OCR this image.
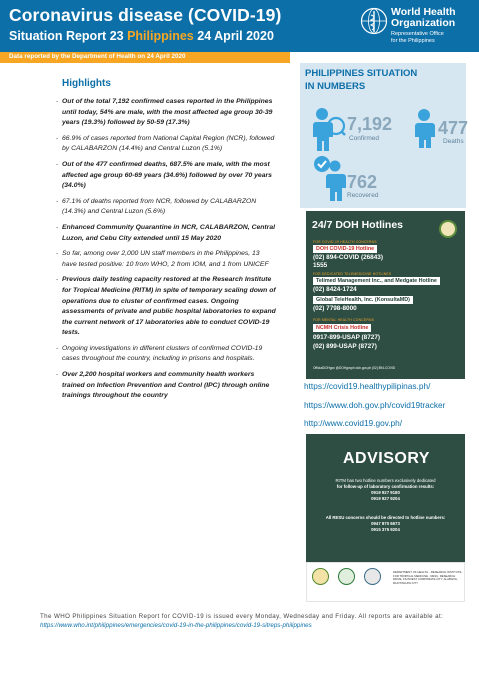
Coronavirus disease (COVID-19)
Situation Report 23 Philippines 24 April 2020
World Health
Organization
Representative Office
for the Philippines
Data reported by the Department of Health on 24 April 2020
Highlights
- Out of the total 7,192 confirmed cases reported in the Philippines until today, 54% are male, with the most affected age group 30-39 years (19.3%) followed by 50-59 (17.3%)
- 66.9% of cases reported from National Capital Region (NCR), followed by CALABARZON (14.4%) and Central Luzon (5.1%)
- Out of the 477 confirmed deaths, 687.5% are male, with the most affected age group 60-69 years (34.6%) followed by over 70 years (34.0%)
- 67.1% of deaths reported from NCR, followed by CALABARZON (14.3%) and Central Luzon (5.6%)
- Enhanced Community Quarantine in NCR, CALABARZON, Central Luzon, and Cebu City extended until 15 May 2020
- So far, among over 2,000 UN staff members in the Philippines, 13 have tested positive: 10 from WHO, 2 from IOM, and 1 from UNICEF
- Previous daily testing capacity restored at the Research Institute for Tropical Medicine (RITM) in spite of temporary scaling down of operations due to cluster of confirmed cases. Ongoing assessments of private and public hospital laboratories to expand the current network of 17 laboratories able to conduct COVID-19 tests.
- Ongoing investigations in different clusters of confirmed COVID-19 cases throughout the country, including in prisons and hospitals.
- Over 2,200 hospital workers and community health workers trained on Infection Prevention and Control (IPC) through online trainings throughout the country
PHILIPPINES SITUATION
IN NUMBERS
7,192
Confirmed
477
Deaths
762
Recovered
24/7 DOH Hotlines
FOR COVID-19 HEALTH CONCERNS
DOH COVID-19 Hotline
(02) 894-COVID (26843)
1555
FOR DEDICATED TELEMEDICINE HOTLINES
Telimed Management Inc., and Medgate Hotline
(02) 8424-1724
Global TeleHealth, Inc. (KonsultaMD)
(02) 7798-8000
FOR MENTAL HEALTH CONCERNS
NCMH Crisis Hotline
0917-899-USAP (8727)
(02) 899-USAP (8727)
OfficialDOHgov @DOHgovph doh.gov.ph (02) 894-COVID
https://covid19.healthypilipinas.ph/
https://www.doh.gov.ph/covid19tracker
http://www.covid19.gov.ph/
ADVISORY
RITM has two hotline numbers exclusively dedicated
for follow-up of laboratory confirmation results:
0919 927 9180
0919 927 9204
All RESU concerns should be directed to hotline numbers:
0947 870 6673
0915 375 9204
DEPARTMENT OF HEALTH · RESEARCH INSTITUTE FOR TROPICAL MEDICINE · RESU, RESEARCH DRIVE, FILINVEST CORPORATE CITY, ALABANG, MUNTINLUPA CITY
The WHO Philippines Situation Report for COVID-19 is issued every Monday, Wednesday and Friday. All reports are available at: https://www.who.int/philippines/emergencies/covid-19-in-the-philippines/covid-19-sitreps-philippines
